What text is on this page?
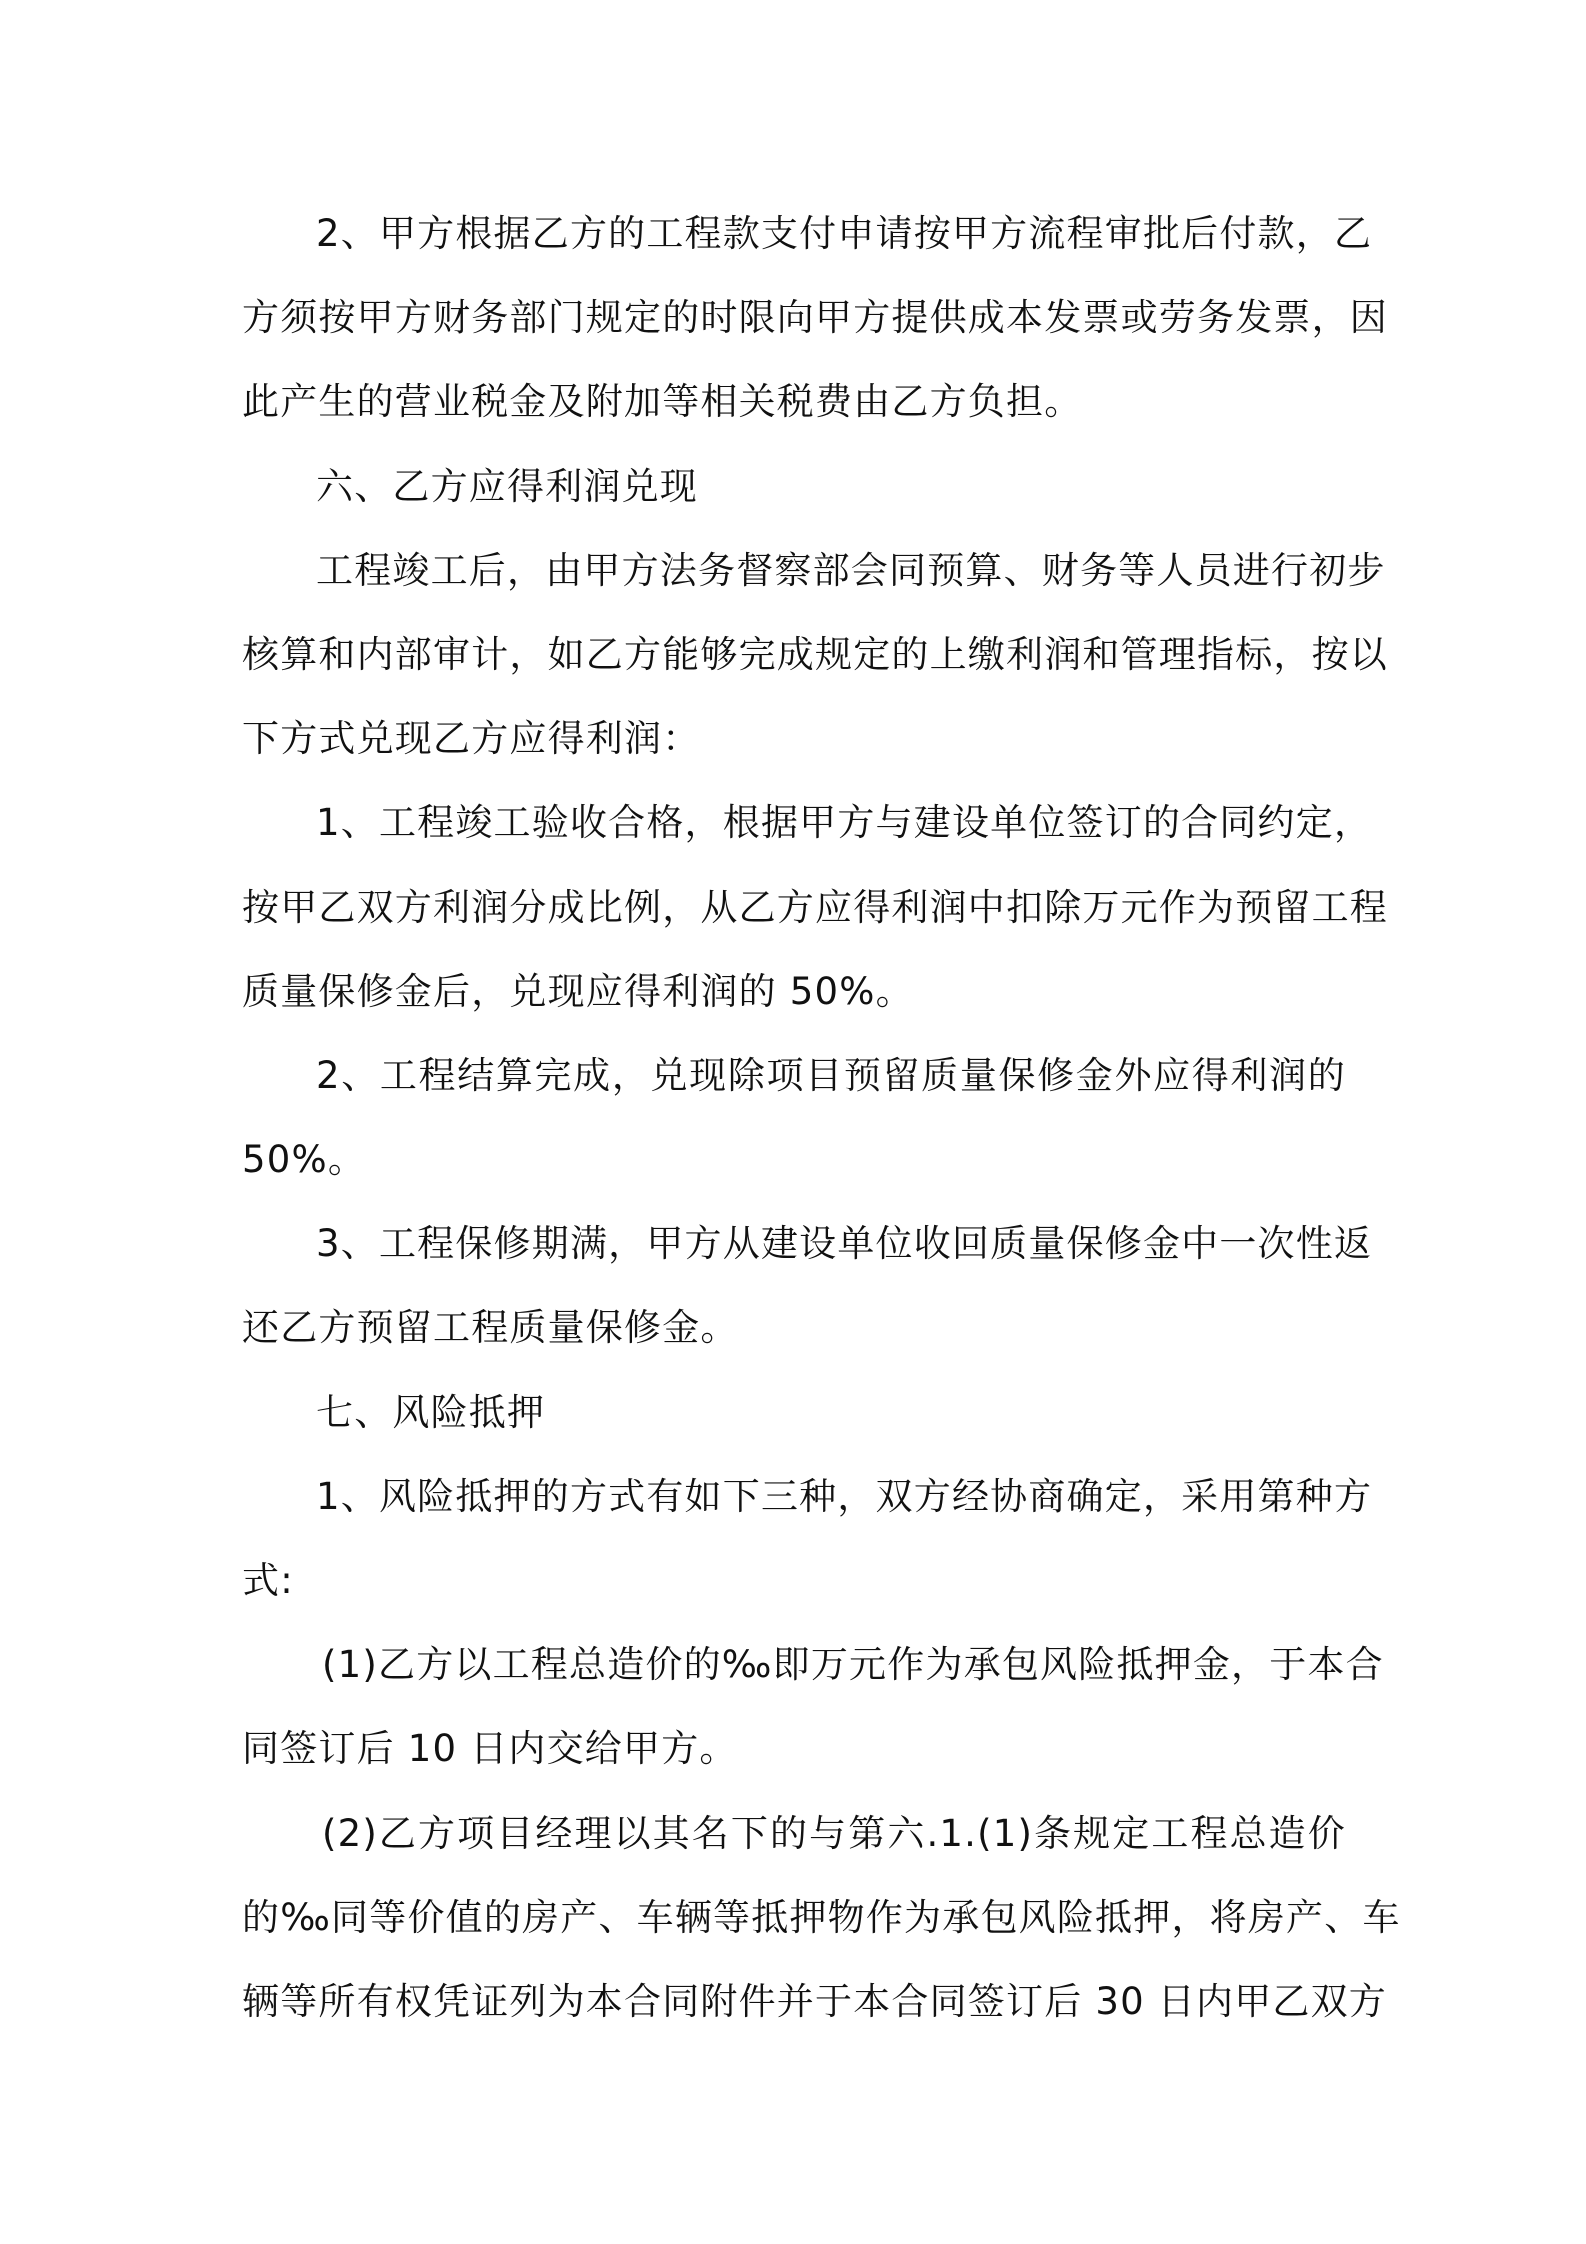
2、甲方根据乙方的工程款支付申请按甲方流程审批后付款，乙
方须按甲方财务部门规定的时限向甲方提供成本发票或劳务发票，因
此产生的营业税金及附加等相关税费由乙方负担。
六、乙方应得利润兑现
工程竣工后，由甲方法务督察部会同预算、财务等人员进行初步
核算和内部审计，如乙方能够完成规定的上缴利润和管理指标，按以
下方式兑现乙方应得利润：
1、工程竣工验收合格，根据甲方与建设单位签订的合同约定，
按甲乙双方利润分成比例，从乙方应得利润中扣除万元作为预留工程
质量保修金后，兑现应得利润的 50%。
2、工程结算完成，兑现除项目预留质量保修金外应得利润的
50%。
3、工程保修期满，甲方从建设单位收回质量保修金中一次性返
还乙方预留工程质量保修金。
七、风险抵押
1、风险抵押的方式有如下三种，双方经协商确定，采用第种方
式:
(1)乙方以工程总造价的‰即万元作为承包风险抵押金，于本合
同签订后 10 日内交给甲方。
(2)乙方项目经理以其名下的与第六.1.(1)条规定工程总造价
的‰同等价值的房产、车辆等抵押物作为承包风险抵押，将房产、车
辆等所有权凭证列为本合同附件并于本合同签订后 30 日内甲乙双方
